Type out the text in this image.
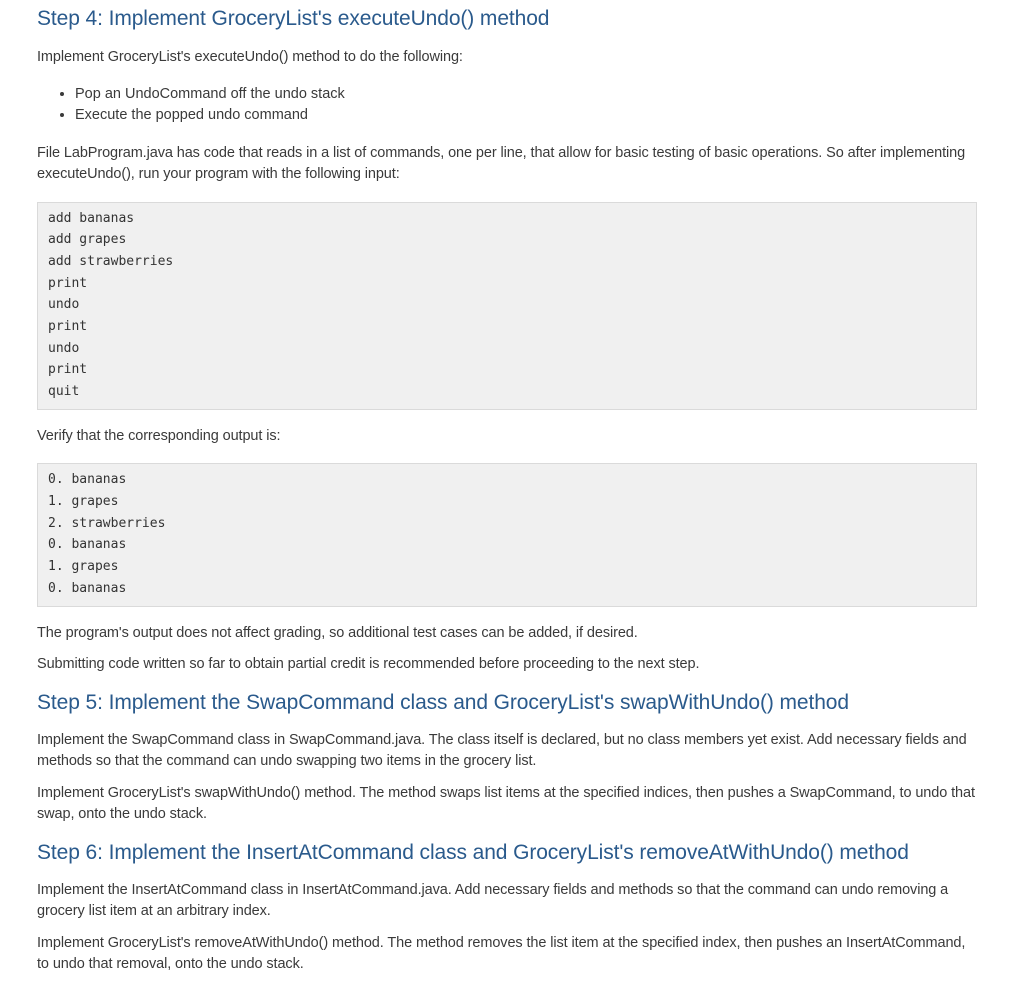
Step 4: Implement GroceryList's executeUndo() method

Implement GroceryList's executeUndo() method to do the following:

• Pop an UndoCommand off the undo stack
• Execute the popped undo command

File LabProgram.java has code that reads in a list of commands, one per line, that allow for basic testing of basic operations. So after implementing executeUndo(), run your program with the following input:

add bananas
add grapes
add strawberries
print
undo
print
undo
print
quit

Verify that the corresponding output is:

0. bananas
1. grapes
2. strawberries
0. bananas
1. grapes
0. bananas

The program's output does not affect grading, so additional test cases can be added, if desired.

Submitting code written so far to obtain partial credit is recommended before proceeding to the next step.

Step 5: Implement the SwapCommand class and GroceryList's swapWithUndo() method

Implement the SwapCommand class in SwapCommand.java. The class itself is declared, but no class members yet exist. Add necessary fields and methods so that the command can undo swapping two items in the grocery list.

Implement GroceryList's swapWithUndo() method. The method swaps list items at the specified indices, then pushes a SwapCommand, to undo that swap, onto the undo stack.

Step 6: Implement the InsertAtCommand class and GroceryList's removeAtWithUndo() method

Implement the InsertAtCommand class in InsertAtCommand.java. Add necessary fields and methods so that the command can undo removing a grocery list item at an arbitrary index.

Implement GroceryList's removeAtWithUndo() method. The method removes the list item at the specified index, then pushes an InsertAtCommand, to undo that removal, onto the undo stack.
